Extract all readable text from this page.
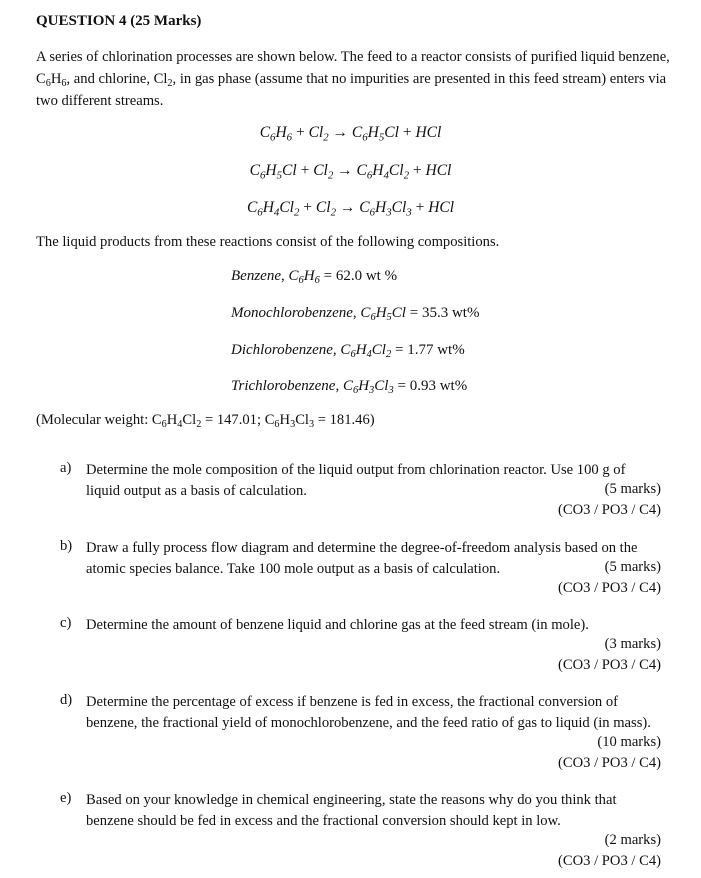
QUESTION 4 (25 Marks)
A series of chlorination processes are shown below. The feed to a reactor consists of purified liquid benzene, $C_6H_6$, and chlorine, $Cl_2$, in gas phase (assume that no impurities are presented in this feed stream) enters via two different streams.
$C_6H_6 + Cl_2 \to C_6H_5Cl$ + HCl
$C_6H_5Cl + Cl_2 \to C_6H_4Cl_2$ + HCl
$C_6H_4Cl_2 + Cl_2 \to C_6H_3Cl_3$ + HCl
The liquid products from these reactions consist of the following compositions.
Benzene, $C_6H_6 = 62.0$ wt %
Monochlorobenzene, $C_6H_5Cl = 35.3$ wt%
Dichlorobenzene, $C_6H_4Cl_2 = 1.77$ wt%
Trichlorobenzene, $C_6H_3Cl_3 = 0.93$ wt%
(Molecular weight: $C_6H_4Cl_2 = 147.01$; $C_6H_3Cl_3 = 181.46$)
a) Determine the mole composition of the liquid output from chlorination reactor. Use 100 g of liquid output as a basis of calculation.	(5 marks)
(CO3 / PO3 / C4)
b) Draw a fully process flow diagram and determine the degree-of-freedom analysis based on the atomic species balance. Take 100 mole output as a basis of calculation.	(5 marks)
(CO3 / PO3 / C4)
c) Determine the amount of benzene liquid and chlorine gas at the feed stream (in mole).
(3 marks)
(CO3 / PO3 / C4)
d) Determine the percentage of excess if benzene is fed in excess, the fractional conversion of benzene, the fractional yield of monochlorobenzene, and the feed ratio of gas to liquid (in mass).
(10 marks)
(CO3 / PO3 / C4)
e) Based on your knowledge in chemical engineering, state the reasons why do you think that benzene should be fed in excess and the fractional conversion should kept in low.
(2 marks)
(CO3 / PO3 / C4)
